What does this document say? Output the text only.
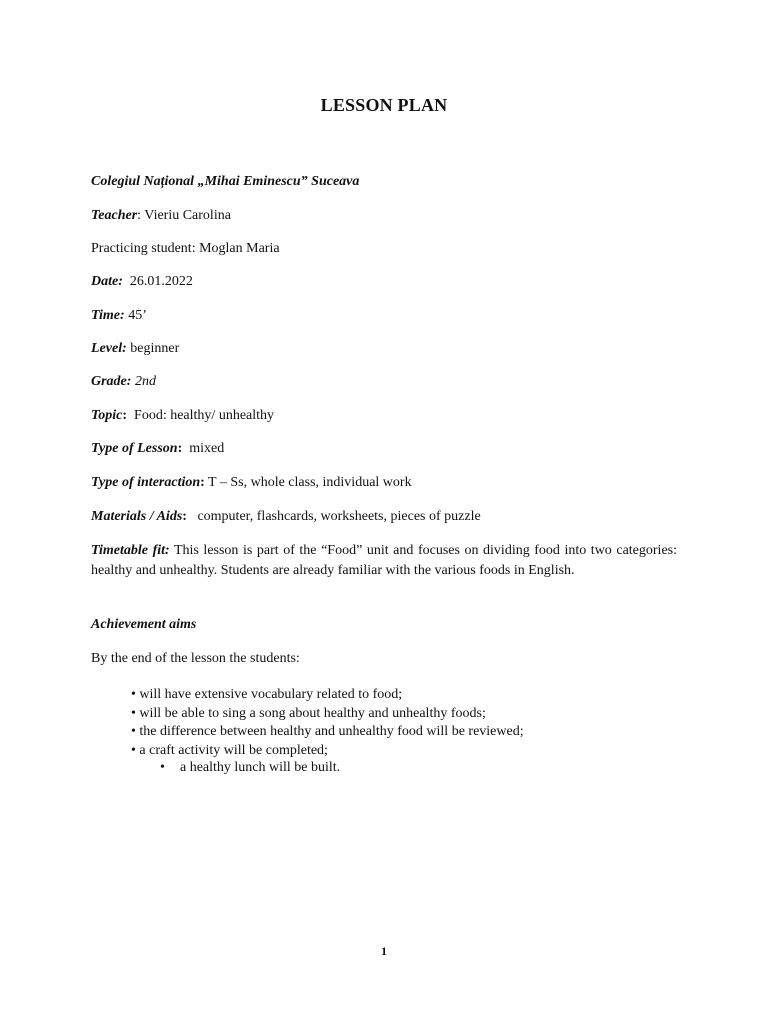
LESSON PLAN
Colegiul Național „Mihai Eminescu” Suceava
Teacher: Vieriu Carolina
Practicing student: Moglan Maria
Date:  26.01.2022
Time: 45’
Level: beginner
Grade: 2nd
Topic:  Food: healthy/ unhealthy
Type of Lesson:  mixed
Type of interaction: T – Ss, whole class, individual work
Materials / Aids:   computer, flashcards, worksheets, pieces of puzzle
Timetable fit: This lesson is part of the “Food” unit and focuses on dividing food into two categories: healthy and unhealthy. Students are already familiar with the various foods in English.
Achievement aims
By the end of the lesson the students:
• will have extensive vocabulary related to food;
• will be able to sing a song about healthy and unhealthy foods;
• the difference between healthy and unhealthy food will be reviewed;
• a craft activity will be completed;
• a healthy lunch will be built.
1
